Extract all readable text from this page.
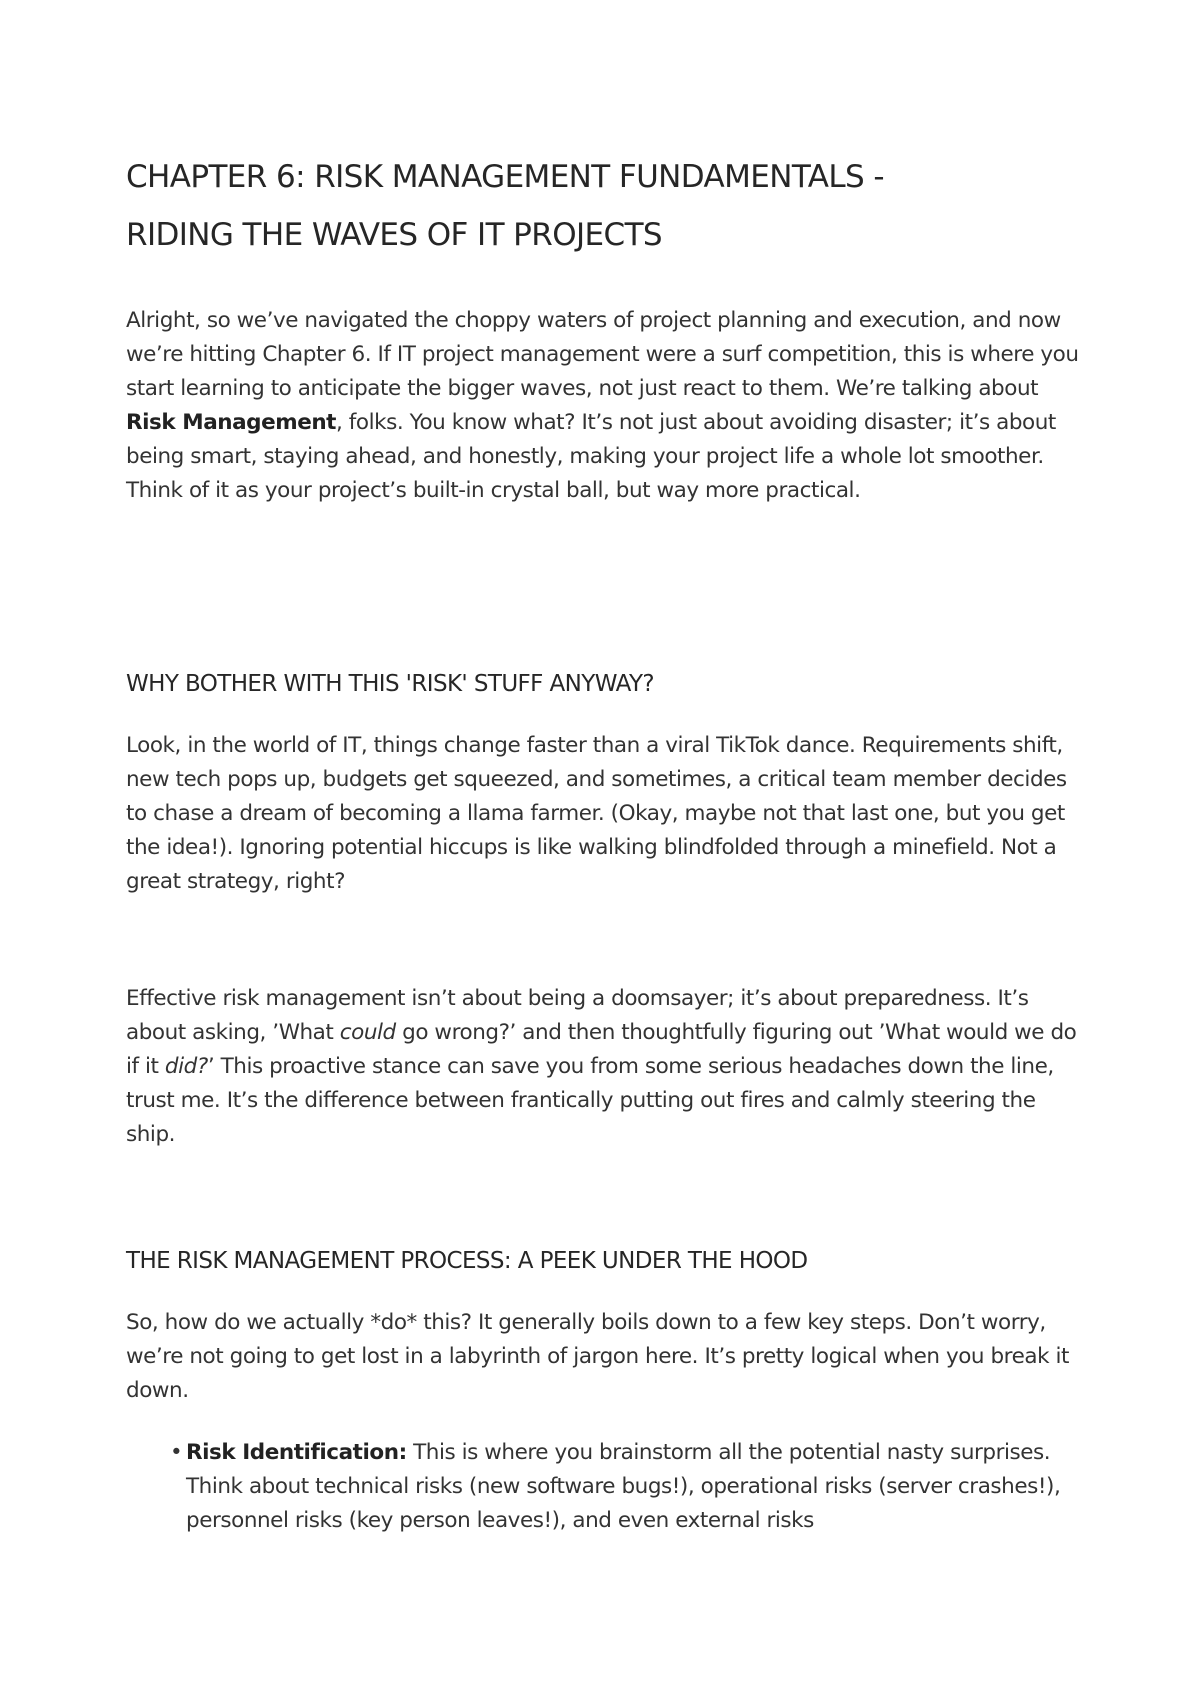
CHAPTER 6: RISK MANAGEMENT FUNDAMENTALS -
RIDING THE WAVES OF IT PROJECTS

Alright, so we’ve navigated the choppy waters of project planning and execution, and now we’re hitting Chapter 6. If IT project management were a surf competition, this is where you start learning to anticipate the bigger waves, not just react to them. We’re talking about Risk Management, folks. You know what? It’s not just about avoiding disaster; it’s about being smart, staying ahead, and honestly, making your project life a whole lot smoother. Think of it as your project’s built-in crystal ball, but way more practical.

WHY BOTHER WITH THIS 'RISK' STUFF ANYWAY?

Look, in the world of IT, things change faster than a viral TikTok dance. Requirements shift, new tech pops up, budgets get squeezed, and sometimes, a critical team member decides to chase a dream of becoming a llama farmer. (Okay, maybe not that last one, but you get the idea!). Ignoring potential hiccups is like walking blindfolded through a minefield. Not a great strategy, right?

Effective risk management isn’t about being a doomsayer; it’s about preparedness. It’s about asking, ’What could go wrong?’ and then thoughtfully figuring out ’What would we do if it did?’ This proactive stance can save you from some serious headaches down the line, trust me. It’s the difference between frantically putting out fires and calmly steering the ship.

THE RISK MANAGEMENT PROCESS: A PEEK UNDER THE HOOD

So, how do we actually *do* this? It generally boils down to a few key steps. Don’t worry, we’re not going to get lost in a labyrinth of jargon here. It’s pretty logical when you break it down.

• Risk Identification: This is where you brainstorm all the potential nasty surprises. Think about technical risks (new software bugs!), operational risks (server crashes!), personnel risks (key person leaves!), and even external risks
